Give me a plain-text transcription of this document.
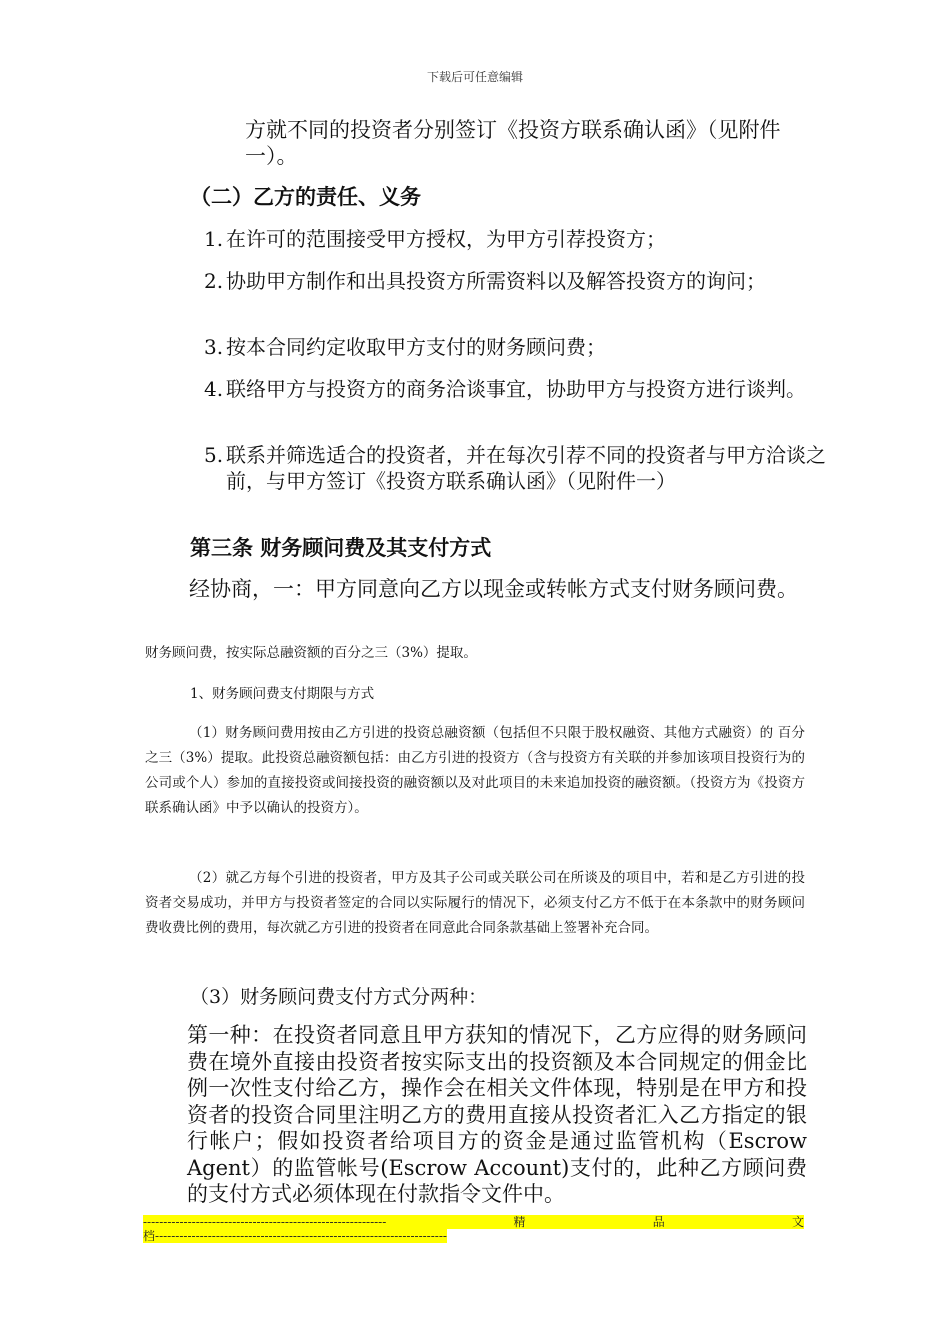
下载后可任意编辑

方就不同的投资者分别签订《投资方联系确认函》（见附件一）。

（二）乙方的责任、义务
1. 在许可的范围接受甲方授权，为甲方引荐投资方；
2. 协助甲方制作和出具投资方所需资料以及解答投资方的询问；
3. 按本合同约定收取甲方支付的财务顾问费；
4. 联络甲方与投资方的商务洽谈事宜，协助甲方与投资方进行谈判。
5. 联系并筛选适合的投资者，并在每次引荐不同的投资者与甲方洽谈之前，与甲方签订《投资方联系确认函》（见附件一）
第三条 财务顾问费及其支付方式

经协商，一：甲方同意向乙方以现金或转帐方式支付财务顾问费。

财务顾问费，按实际总融资额的百分之三（3%）提取。

1、财务顾问费支付期限与方式

（1）财务顾问费用按由乙方引进的投资总融资额（包括但不只限于股权融资、其他方式融资）的 百分之三（3%）提取。此投资总融资额包括：由乙方引进的投资方（含与投资方有关联的并参加该项目投资行为的公司或个人）参加的直接投资或间接投资的融资额以及对此项目的未来追加投资的融资额。（投资方为《投资方联系确认函》中予以确认的投资方）。

（2）就乙方每个引进的投资者，甲方及其子公司或关联公司在所谈及的项目中，若和是乙方引进的投资者交易成功，并甲方与投资者签定的合同以实际履行的情况下，必须支付乙方不低于在本条款中的财务顾问费收费比例的费用，每次就乙方引进的投资者在同意此合同条款基础上签署补充合同。

（3）财务顾问费支付方式分两种：

第一种：在投资者同意且甲方获知的情况下，乙方应得的财务顾问费在境外直接由投资者按实际支出的投资额及本合同规定的佣金比例一次性支付给乙方，操作会在相关文件体现，特别是在甲方和投资者的投资合同里注明乙方的费用直接从投资者汇入乙方指定的银行帐户；假如投资者给项目方的资金是通过监管机构（Escrow Agent）的监管帐号(Escrow Account)支付的，此种乙方顾问费的支付方式必须体现在付款指令文件中。

------------------------------------------------------------	精	品	文
档------------------------------------------------------------------------
